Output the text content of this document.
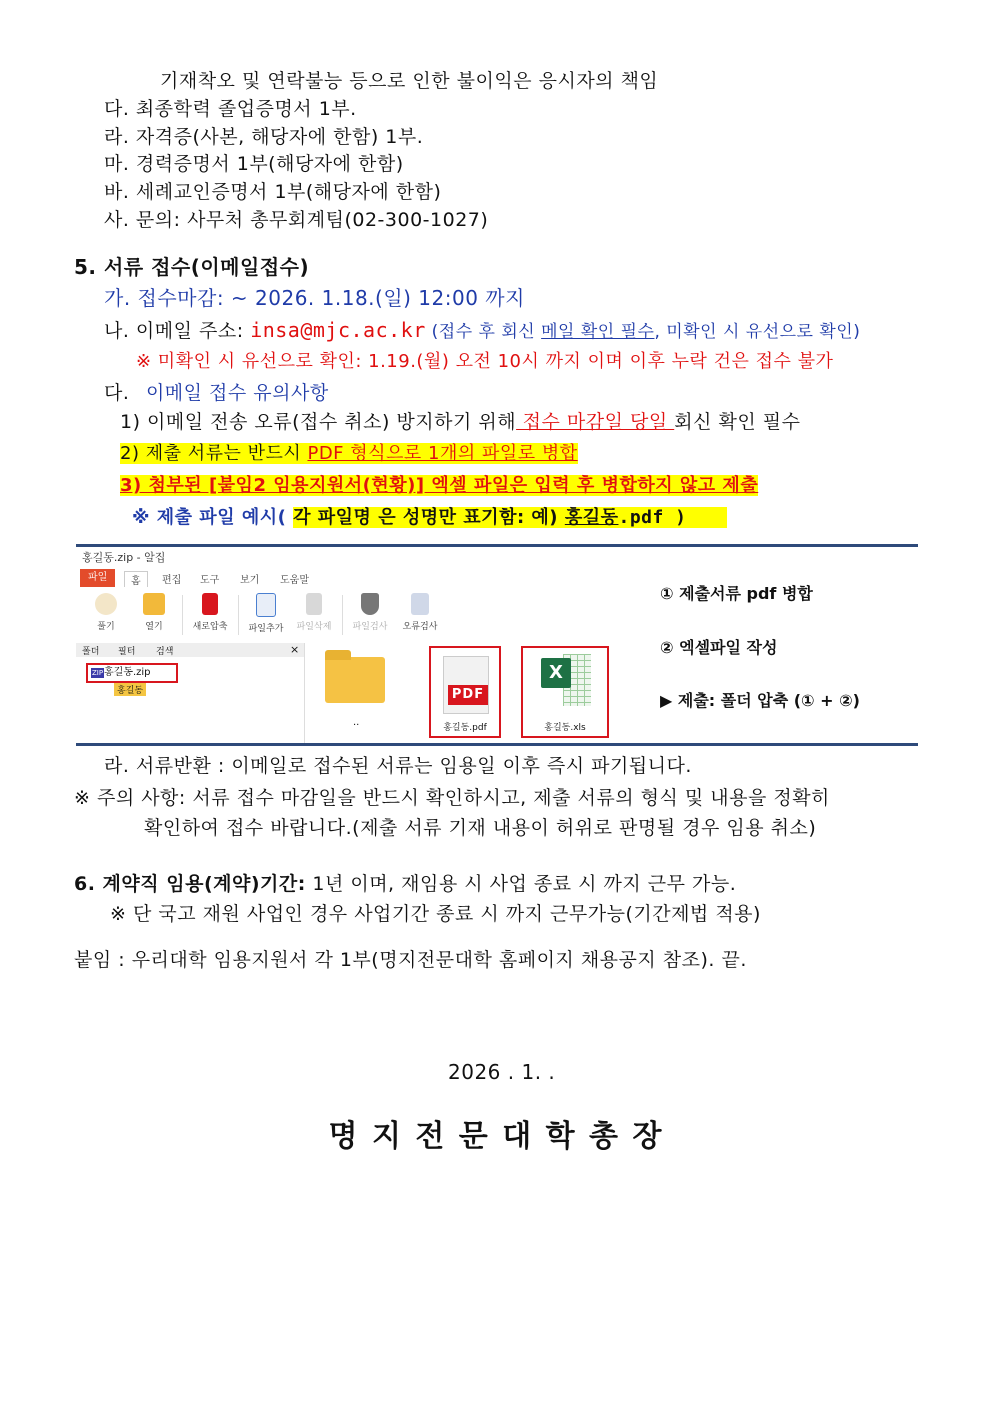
기재착오 및 연락불능 등으로 인한 불이익은 응시자의 책임
다. 최종학력 졸업증명서 1부.
라. 자격증(사본, 해당자에 한함) 1부.
마. 경력증명서 1부(해당자에 한함)
바. 세례교인증명서 1부(해당자에 한함)
사. 문의: 사무처 총무회계팀(02-300-1027)
5. 서류 접수(이메일접수)
가. 접수마감: ~ 2026. 1.18.(일) 12:00 까지
나. 이메일 주소: insa@mjc.ac.kr (접수 후 회신 메일 확인 필수, 미확인 시 유선으로 확인)
※ 미확인 시 유선으로 확인: 1.19.(월) 오전 10시 까지 이며 이후 누락 건은 접수 불가
다. 이메일 접수 유의사항
1) 이메일 전송 오류(접수 취소) 방지하기 위해 접수 마감일 당일 회신 확인 필수
2) 제출 서류는 반드시 PDF 형식으로 1개의 파일로 병합
3) 첨부된 [붙임2 임용지원서(현황)] 엑셀 파일은 입력 후 병합하지 않고 제출
※ 제출 파일 예시( 각 파일명 은 성명만 표기함: 예) 홍길동.pdf )
홍길동.zip - 알집
파일	홈	편집 도구 보기 도움말
풀기	열기	새로압축 파일추가 파일삭제 파일검사 오류검사
폴더 필터 검색
ZIP 홍길동.zip
홍길동
×
..
PDF
홍길동.pdf
X
홍길동.xls
① 제출서류 pdf 병합
② 엑셀파일 작성
▶ 제출: 폴더 압축 (① + ②)
라. 서류반환 : 이메일로 접수된 서류는 임용일 이후 즉시 파기됩니다.
※ 주의 사항: 서류 접수 마감일을 반드시 확인하시고, 제출 서류의 형식 및 내용을 정확히
확인하여 접수 바랍니다.(제출 서류 기재 내용이 허위로 판명될 경우 임용 취소)
6. 계약직 임용(계약)기간: 1년 이며, 재임용 시 사업 종료 시 까지 근무 가능.
※ 단 국고 재원 사업인 경우 사업기간 종료 시 까지 근무가능(기간제법 적용)
붙임 : 우리대학 임용지원서 각 1부(명지전문대학 홈페이지 채용공지 참조). 끝.
2026 . 1. .
명 지 전 문 대 학 총 장
